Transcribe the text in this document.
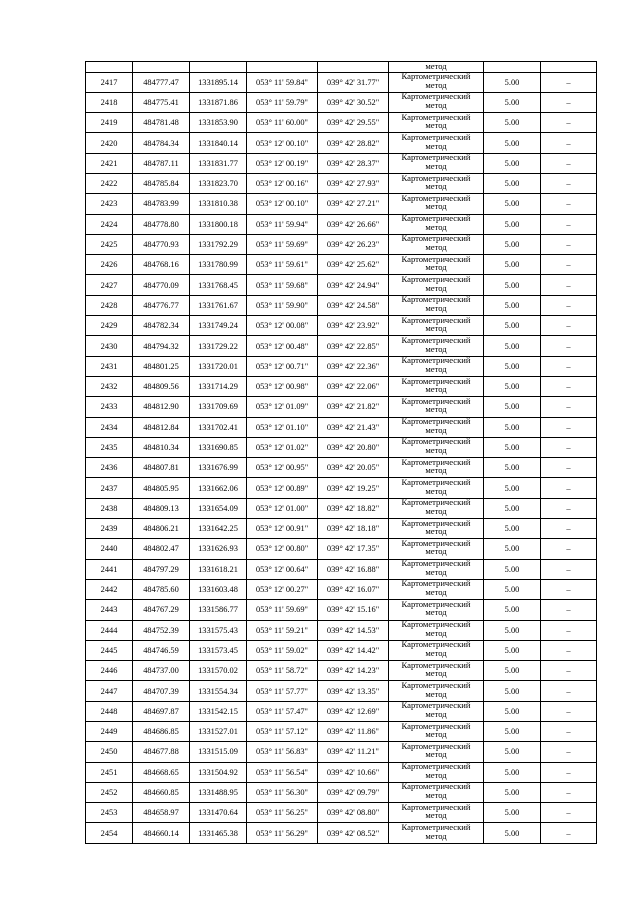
					метод		
2417	484777.47	1331895.14	053° 11' 59.84"	039° 42' 31.77"	Картометрический
метод	5.00	–
2418	484775.41	1331871.86	053° 11' 59.79"	039° 42' 30.52"	Картометрический
метод	5.00	–
2419	484781.48	1331853.90	053° 11' 60.00"	039° 42' 29.55"	Картометрический
метод	5.00	–
2420	484784.34	1331840.14	053° 12' 00.10"	039° 42' 28.82"	Картометрический
метод	5.00	–
2421	484787.11	1331831.77	053° 12' 00.19"	039° 42' 28.37"	Картометрический
метод	5.00	–
2422	484785.84	1331823.70	053° 12' 00.16"	039° 42' 27.93"	Картометрический
метод	5.00	–
2423	484783.99	1331810.38	053° 12' 00.10"	039° 42' 27.21"	Картометрический
метод	5.00	–
2424	484778.80	1331800.18	053° 11' 59.94"	039° 42' 26.66"	Картометрический
метод	5.00	–
2425	484770.93	1331792.29	053° 11' 59.69"	039° 42' 26.23"	Картометрический
метод	5.00	–
2426	484768.16	1331780.99	053° 11' 59.61"	039° 42' 25.62"	Картометрический
метод	5.00	–
2427	484770.09	1331768.45	053° 11' 59.68"	039° 42' 24.94"	Картометрический
метод	5.00	–
2428	484776.77	1331761.67	053° 11' 59.90"	039° 42' 24.58"	Картометрический
метод	5.00	–
2429	484782.34	1331749.24	053° 12' 00.08"	039° 42' 23.92"	Картометрический
метод	5.00	–
2430	484794.32	1331729.22	053° 12' 00.48"	039° 42' 22.85"	Картометрический
метод	5.00	–
2431	484801.25	1331720.01	053° 12' 00.71"	039° 42' 22.36"	Картометрический
метод	5.00	–
2432	484809.56	1331714.29	053° 12' 00.98"	039° 42' 22.06"	Картометрический
метод	5.00	–
2433	484812.90	1331709.69	053° 12' 01.09"	039° 42' 21.82"	Картометрический
метод	5.00	–
2434	484812.84	1331702.41	053° 12' 01.10"	039° 42' 21.43"	Картометрический
метод	5.00	–
2435	484810.34	1331690.85	053° 12' 01.02"	039° 42' 20.80"	Картометрический
метод	5.00	–
2436	484807.81	1331676.99	053° 12' 00.95"	039° 42' 20.05"	Картометрический
метод	5.00	–
2437	484805.95	1331662.06	053° 12' 00.89"	039° 42' 19.25"	Картометрический
метод	5.00	–
2438	484809.13	1331654.09	053° 12' 01.00"	039° 42' 18.82"	Картометрический
метод	5.00	–
2439	484806.21	1331642.25	053° 12' 00.91"	039° 42' 18.18"	Картометрический
метод	5.00	–
2440	484802.47	1331626.93	053° 12' 00.80"	039° 42' 17.35"	Картометрический
метод	5.00	–
2441	484797.29	1331618.21	053° 12' 00.64"	039° 42' 16.88"	Картометрический
метод	5.00	–
2442	484785.60	1331603.48	053° 12' 00.27"	039° 42' 16.07"	Картометрический
метод	5.00	–
2443	484767.29	1331586.77	053° 11' 59.69"	039° 42' 15.16"	Картометрический
метод	5.00	–
2444	484752.39	1331575.43	053° 11' 59.21"	039° 42' 14.53"	Картометрический
метод	5.00	–
2445	484746.59	1331573.45	053° 11' 59.02"	039° 42' 14.42"	Картометрический
метод	5.00	–
2446	484737.00	1331570.02	053° 11' 58.72"	039° 42' 14.23"	Картометрический
метод	5.00	–
2447	484707.39	1331554.34	053° 11' 57.77"	039° 42' 13.35"	Картометрический
метод	5.00	–
2448	484697.87	1331542.15	053° 11' 57.47"	039° 42' 12.69"	Картометрический
метод	5.00	–
2449	484686.85	1331527.01	053° 11' 57.12"	039° 42' 11.86"	Картометрический
метод	5.00	–
2450	484677.88	1331515.09	053° 11' 56.83"	039° 42' 11.21"	Картометрический
метод	5.00	–
2451	484668.65	1331504.92	053° 11' 56.54"	039° 42' 10.66"	Картометрический
метод	5.00	–
2452	484660.85	1331488.95	053° 11' 56.30"	039° 42' 09.79"	Картометрический
метод	5.00	–
2453	484658.97	1331470.64	053° 11' 56.25"	039° 42' 08.80"	Картометрический
метод	5.00	–
2454	484660.14	1331465.38	053° 11' 56.29"	039° 42' 08.52"	Картометрический
метод	5.00	–
